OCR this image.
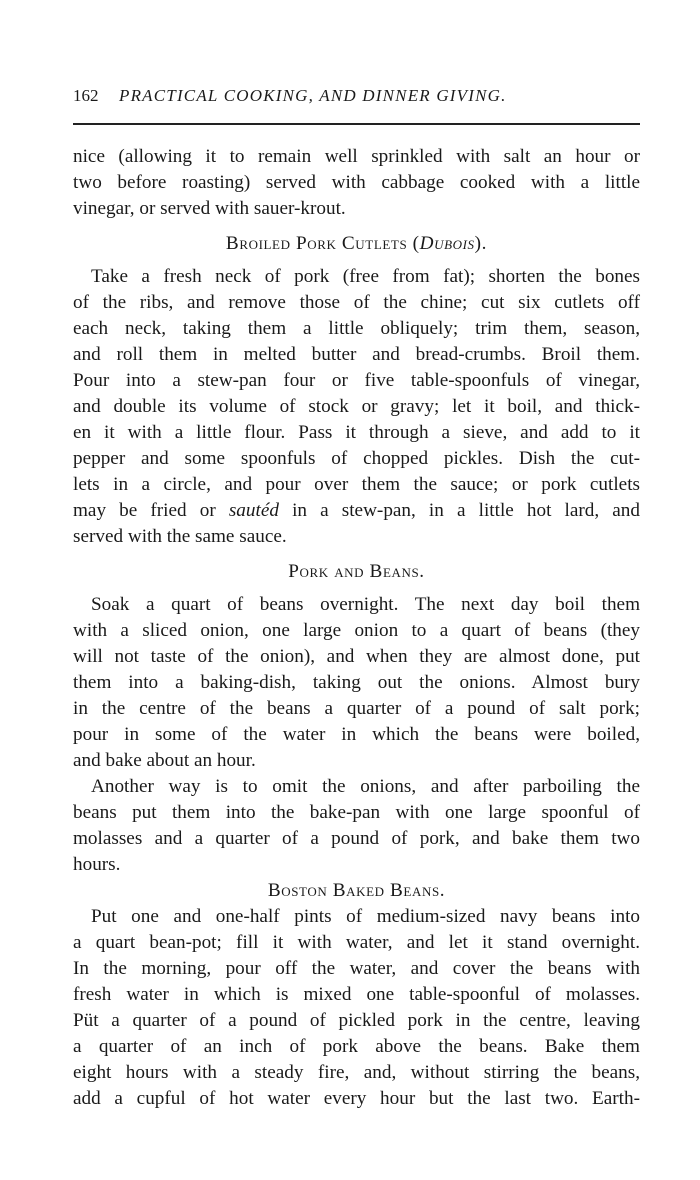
162 PRACTICAL COOKING, AND DINNER GIVING.
nice (allowing it to remain well sprinkled with salt an hour or
two before roasting) served with cabbage cooked with a little
vinegar, or served with sauer-krout.
Broiled Pork Cutlets (Dubois).
Take a fresh neck of pork (free from fat); shorten the bones
of the ribs, and remove those of the chine; cut six cutlets off
each neck, taking them a little obliquely; trim them, season,
and roll them in melted butter and bread-crumbs. Broil them.
Pour into a stew-pan four or five table-spoonfuls of vinegar,
and double its volume of stock or gravy; let it boil, and thick-
en it with a little flour. Pass it through a sieve, and add to it
pepper and some spoonfuls of chopped pickles. Dish the cut-
lets in a circle, and pour over them the sauce; or pork cutlets
may be fried or sautéd in a stew-pan, in a little hot lard, and
served with the same sauce.
Pork and Beans.
Soak a quart of beans overnight. The next day boil them
with a sliced onion, one large onion to a quart of beans (they
will not taste of the onion), and when they are almost done, put
them into a baking-dish, taking out the onions. Almost bury
in the centre of the beans a quarter of a pound of salt pork;
pour in some of the water in which the beans were boiled,
and bake about an hour.
Another way is to omit the onions, and after parboiling the
beans put them into the bake-pan with one large spoonful of
molasses and a quarter of a pound of pork, and bake them two
hours.
Boston Baked Beans.
Put one and one-half pints of medium-sized navy beans into
a quart bean-pot; fill it with water, and let it stand overnight.
In the morning, pour off the water, and cover the beans with
fresh water in which is mixed one table-spoonful of molasses.
Püt a quarter of a pound of pickled pork in the centre, leaving
a quarter of an inch of pork above the beans. Bake them
eight hours with a steady fire, and, without stirring the beans,
add a cupful of hot water every hour but the last two. Earth-
